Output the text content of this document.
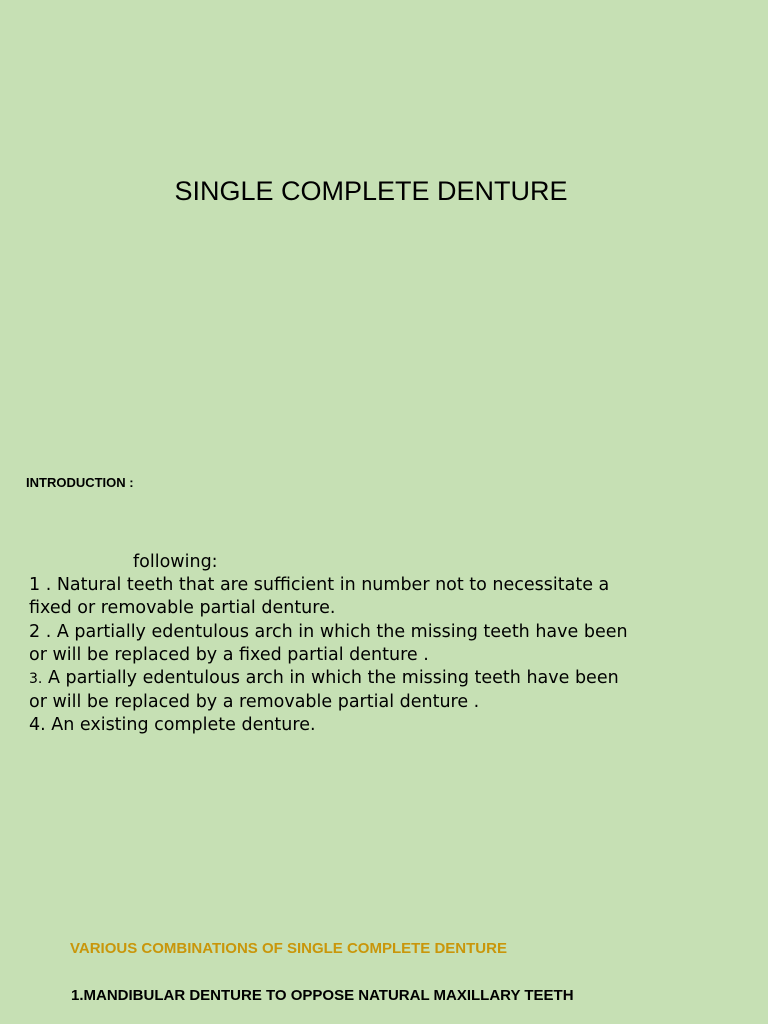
SINGLE COMPLETE DENTURE
INTRODUCTION :
following:
1 . Natural teeth that are sufficient in number not to necessitate a
fixed or removable partial denture.
2 . A partially edentulous arch in which the missing teeth have been
or will be replaced by a fixed partial denture .
3. A partially edentulous arch in which the missing teeth have been
or will be replaced by a removable partial denture .
4. An existing complete denture.
VARIOUS COMBINATIONS OF SINGLE COMPLETE DENTURE
1.MANDIBULAR DENTURE TO OPPOSE NATURAL MAXILLARY TEETH
